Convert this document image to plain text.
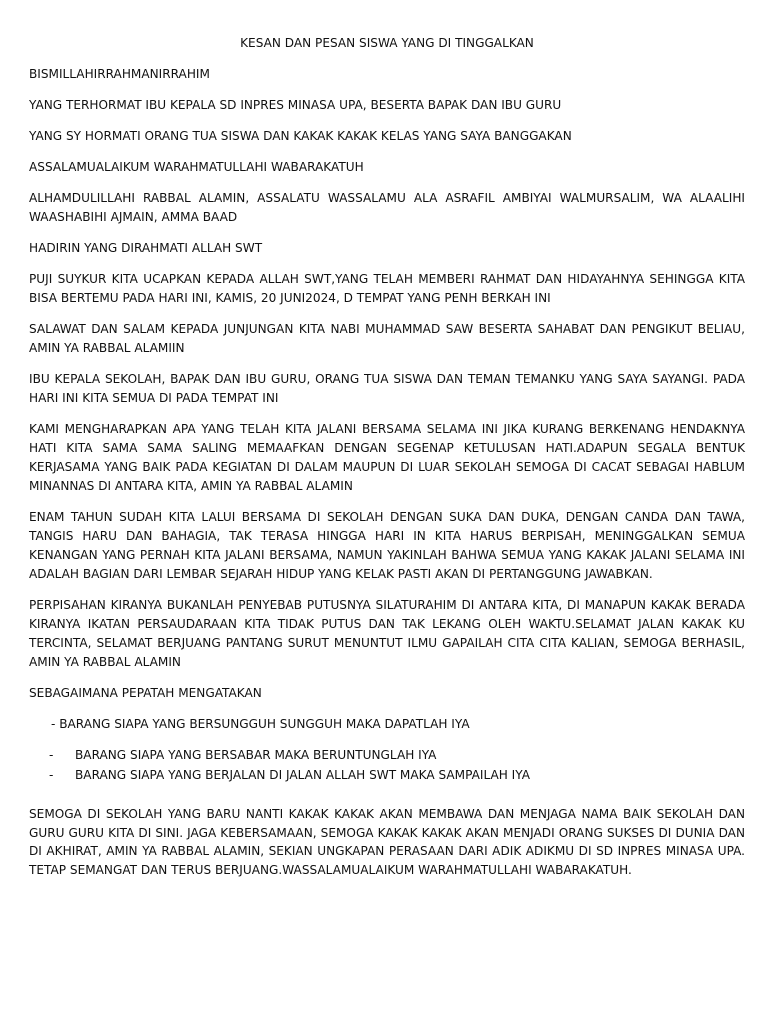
KESAN DAN PESAN SISWA YANG DI TINGGALKAN

BISMILLAHIRRAHMANIRRAHIM

YANG TERHORMAT IBU KEPALA SD INPRES MINASA UPA, BESERTA BAPAK DAN IBU GURU

YANG SY HORMATI ORANG TUA SISWA DAN KAKAK KAKAK KELAS YANG SAYA BANGGAKAN

ASSALAMUALAIKUM WARAHMATULLAHI WABARAKATUH

ALHAMDULILLAHI RABBAL ALAMIN, ASSALATU WASSALAMU ALA ASRAFIL AMBIYAI WALMURSALIM, WA ALAALIHI WAASHABIHI AJMAIN, AMMA BAAD

HADIRIN YANG DIRAHMATI ALLAH SWT

PUJI SUYKUR KITA UCAPKAN KEPADA ALLAH SWT,YANG TELAH MEMBERI RAHMAT DAN HIDAYAHNYA SEHINGGA KITA BISA BERTEMU PADA HARI INI, KAMIS, 20 JUNI2024, D TEMPAT YANG PENH BERKAH INI

SALAWAT DAN SALAM KEPADA JUNJUNGAN KITA NABI MUHAMMAD SAW BESERTA SAHABAT DAN PENGIKUT BELIAU, AMIN YA RABBAL ALAMIIN

IBU KEPALA SEKOLAH, BAPAK DAN IBU GURU, ORANG TUA SISWA DAN TEMAN TEMANKU YANG SAYA SAYANGI. PADA HARI INI KITA SEMUA DI PADA TEMPAT INI

KAMI MENGHARAPKAN APA YANG TELAH KITA JALANI BERSAMA SELAMA INI JIKA KURANG BERKENANG HENDAKNYA HATI KITA SAMA SAMA SALING MEMAAFKAN DENGAN SEGENAP KETULUSAN HATI.ADAPUN SEGALA BENTUK KERJASAMA YANG BAIK PADA KEGIATAN DI DALAM MAUPUN DI LUAR SEKOLAH SEMOGA DI CACAT SEBAGAI HABLUM MINANNAS DI ANTARA KITA, AMIN YA RABBAL ALAMIN

ENAM TAHUN SUDAH KITA LALUI BERSAMA DI SEKOLAH DENGAN SUKA DAN DUKA, DENGAN CANDA DAN TAWA, TANGIS HARU DAN BAHAGIA, TAK TERASA HINGGA HARI IN KITA HARUS BERPISAH, MENINGGALKAN SEMUA KENANGAN YANG PERNAH KITA JALANI BERSAMA, NAMUN YAKINLAH BAHWA SEMUA YANG KAKAK JALANI SELAMA INI ADALAH BAGIAN DARI LEMBAR SEJARAH HIDUP YANG KELAK PASTI AKAN DI PERTANGGUNG JAWABKAN.

PERPISAHAN KIRANYA BUKANLAH PENYEBAB PUTUSNYA SILATURAHIM DI ANTARA KITA, DI MANAPUN KAKAK BERADA KIRANYA IKATAN PERSAUDARAAN KITA TIDAK PUTUS DAN TAK LEKANG OLEH WAKTU.SELAMAT JALAN KAKAK KU TERCINTA, SELAMAT BERJUANG PANTANG SURUT MENUNTUT ILMU GAPAILAH CITA CITA KALIAN, SEMOGA BERHASIL, AMIN YA RABBAL ALAMIN

SEBAGAIMANA PEPATAH MENGATAKAN

- BARANG SIAPA YANG BERSUNGGUH SUNGGUH MAKA DAPATLAH IYA
- BARANG SIAPA YANG BERSABAR MAKA BERUNTUNGLAH IYA
- BARANG SIAPA YANG BERJALAN DI JALAN ALLAH SWT MAKA SAMPAILAH IYA

SEMOGA DI SEKOLAH YANG BARU NANTI KAKAK KAKAK AKAN MEMBAWA DAN MENJAGA NAMA BAIK SEKOLAH DAN GURU GURU KITA DI SINI. JAGA KEBERSAMAAN, SEMOGA KAKAK KAKAK AKAN MENJADI ORANG SUKSES DI DUNIA DAN DI AKHIRAT, AMIN YA RABBAL ALAMIN, SEKIAN UNGKAPAN PERASAAN DARI ADIK ADIKMU DI SD INPRES MINASA UPA. TETAP SEMANGAT DAN TERUS BERJUANG.WASSALAMUALAIKUM WARAHMATULLAHI WABARAKATUH.
